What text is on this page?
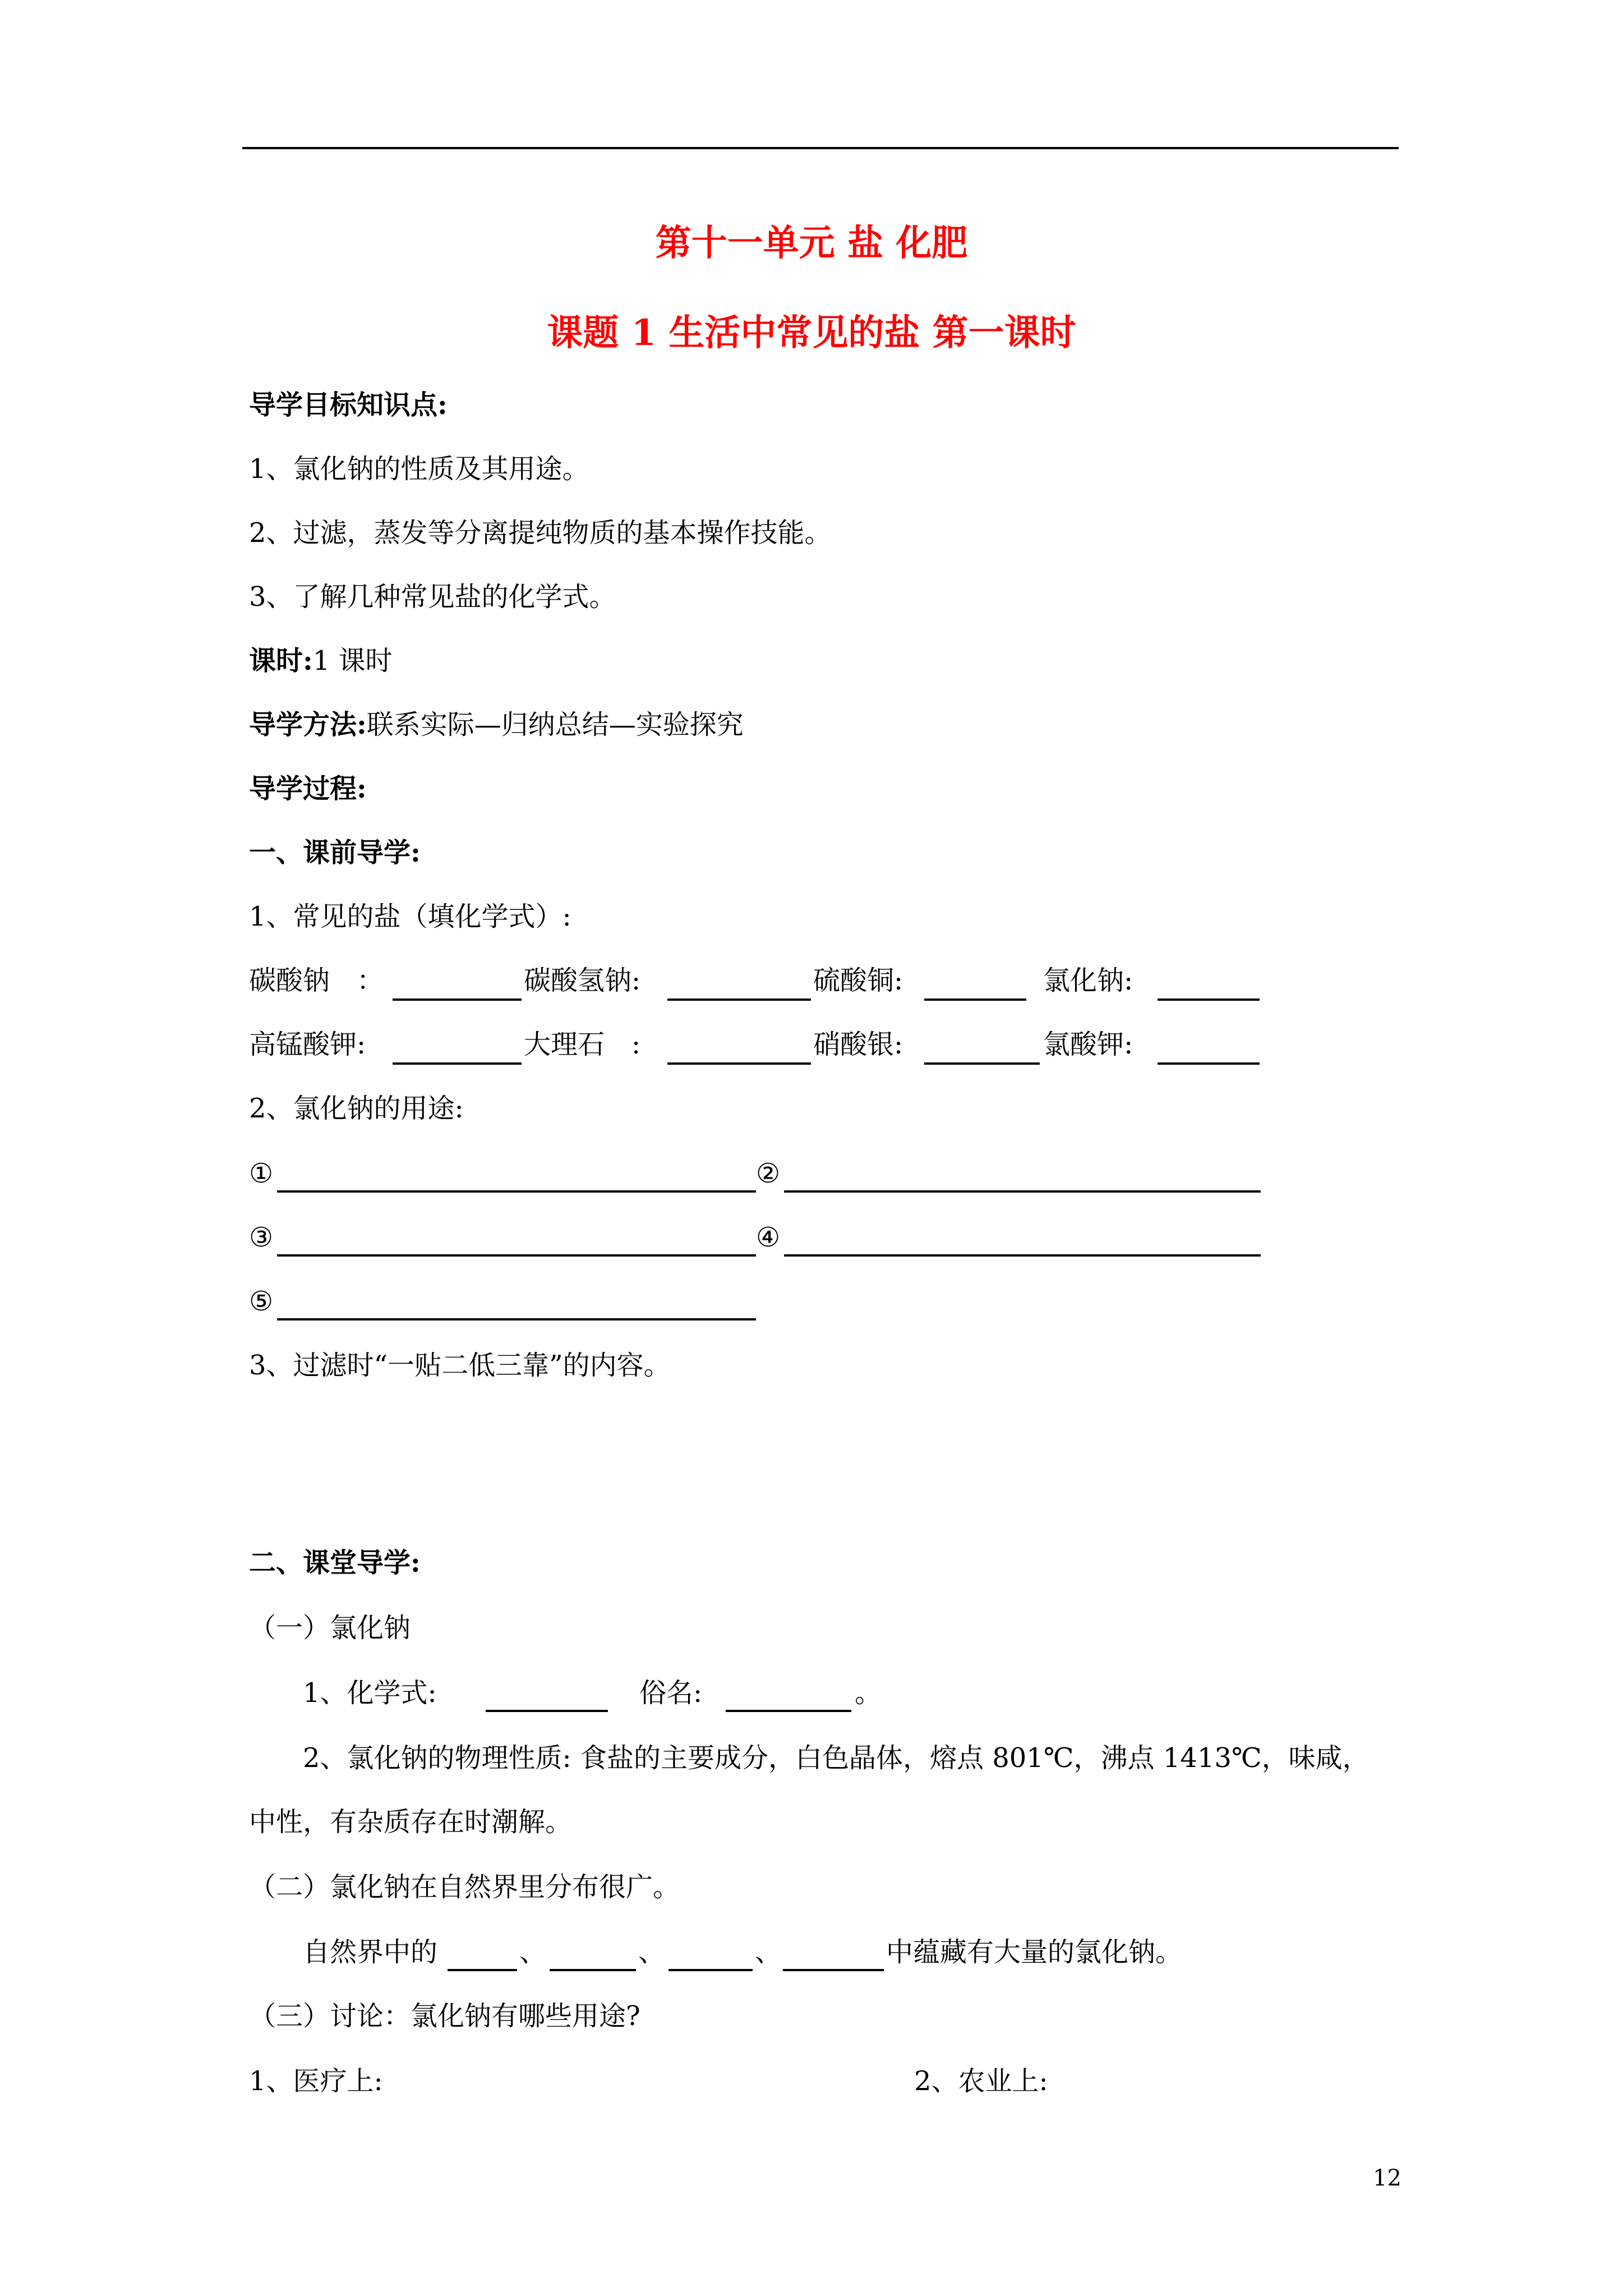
第十一单元 盐 化肥
课题 1 生活中常见的盐 第一课时
导学目标知识点:
1、氯化钠的性质及其用途。
2、过滤，蒸发等分离提纯物质的基本操作技能。
3、了解几种常见盐的化学式。
课时:1 课时
导学方法:联系实际—归纳总结—实验探究
导学过程:
一、课前导学:
1、常见的盐（填化学式）:
碳酸钠　：	碳酸氢钠:	硫酸铜:	氯化钠:
高锰酸钾:	大理石　:	硝酸银:	氯酸钾:
2、氯化钠的用途:
①	②
③	④
⑤
3、过滤时“一贴二低三靠”的内容。
二、课堂导学:
（一）氯化钠
1、化学式:	俗名:	。
2、氯化钠的物理性质: 食盐的主要成分，白色晶体，熔点 801℃，沸点 1413℃，味咸，
中性，有杂质存在时潮解。
（二）氯化钠在自然界里分布很广。
自然界中的	、	、	、	中蕴藏有大量的氯化钠。
（三）讨论：氯化钠有哪些用途?
1、医疗上:	2、农业上:
12
